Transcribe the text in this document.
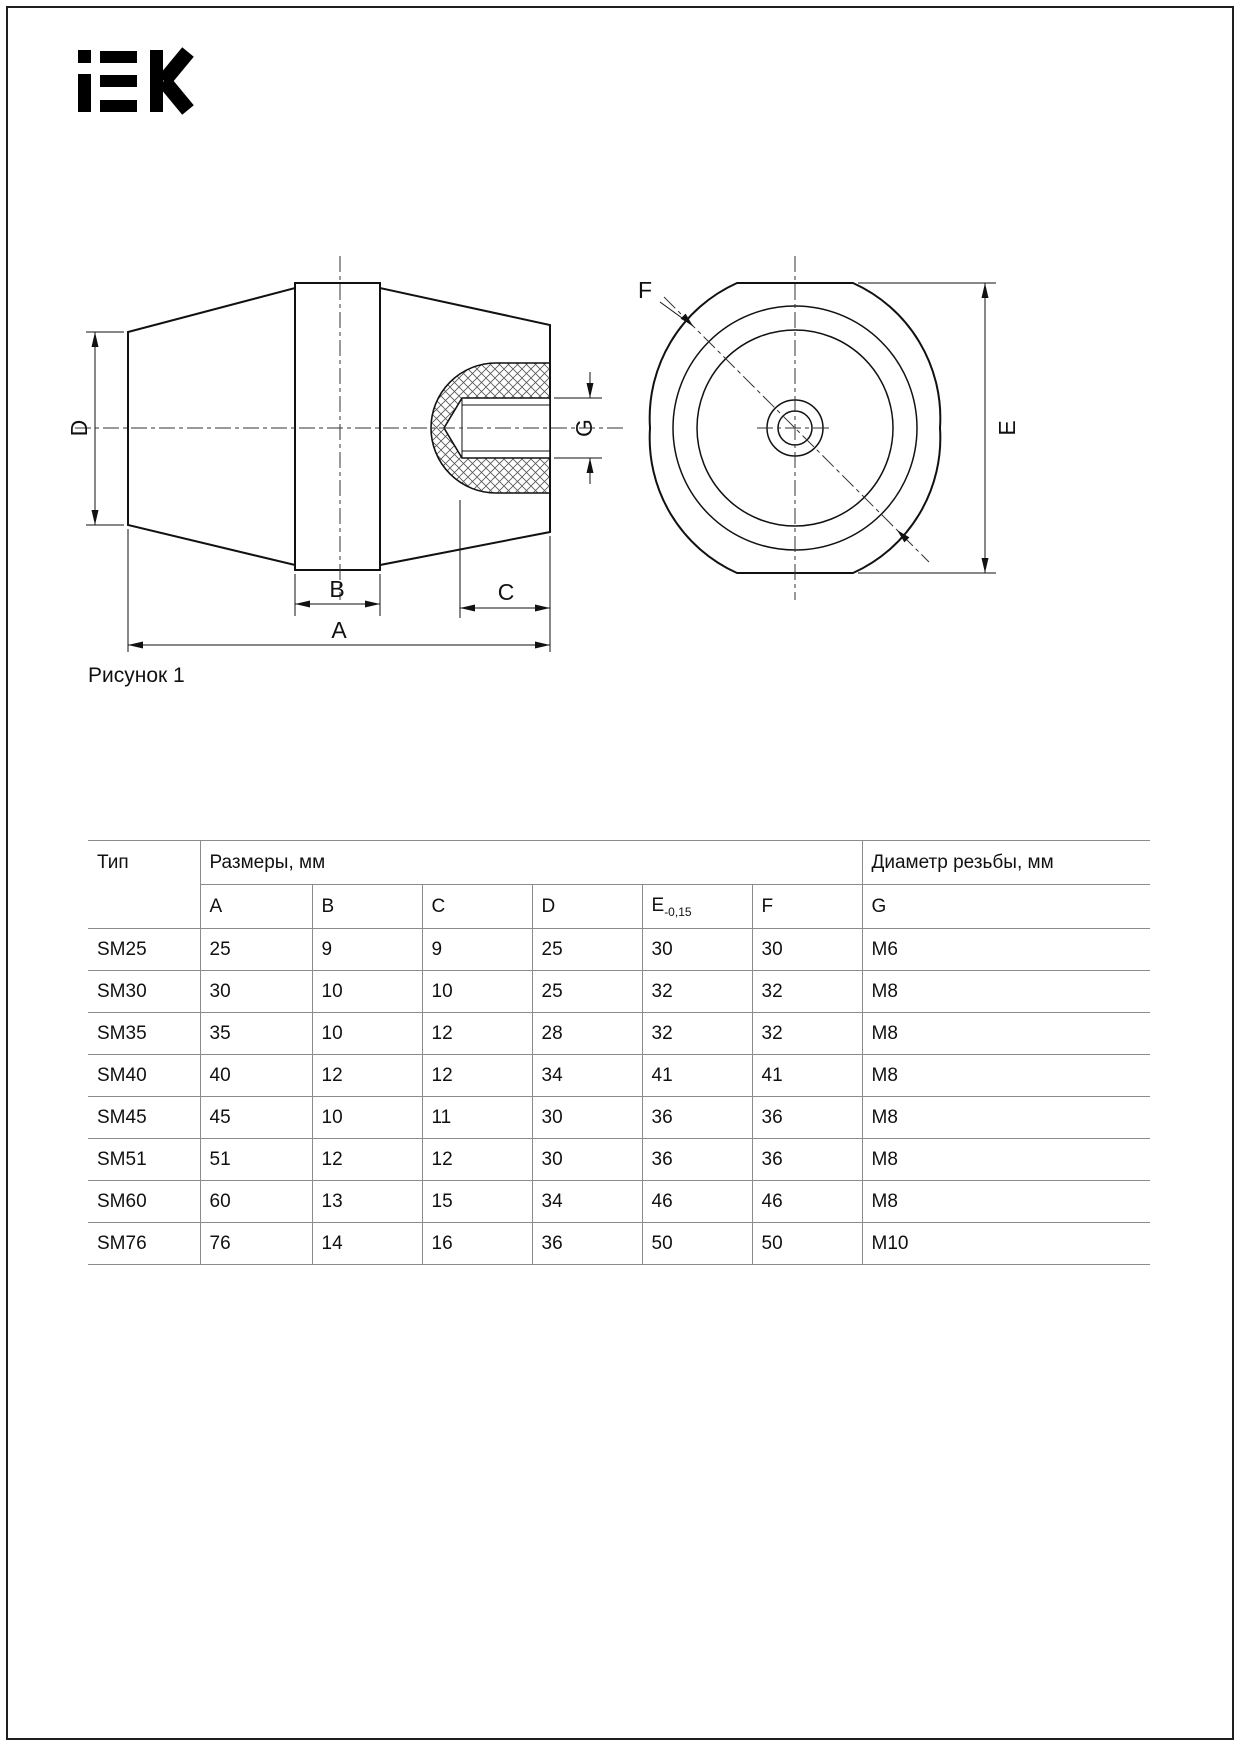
D
B	C
A
G
F
E
Рисунок 1
Тип	Размеры, мм						Диаметр резьбы, мм
	A	B	C	D	$E_{-0,15}$	F	G
SM25	25	9	9	25	30	30	M6
SM30	30	10	10	25	32	32	M8
SM35	35	10	12	28	32	32	M8
SM40	40	12	12	34	41	41	M8
SM45	45	10	11	30	36	36	M8
SM51	51	12	12	30	36	36	M8
SM60	60	13	15	34	46	46	M8
SM76	76	14	16	36	50	50	M10
